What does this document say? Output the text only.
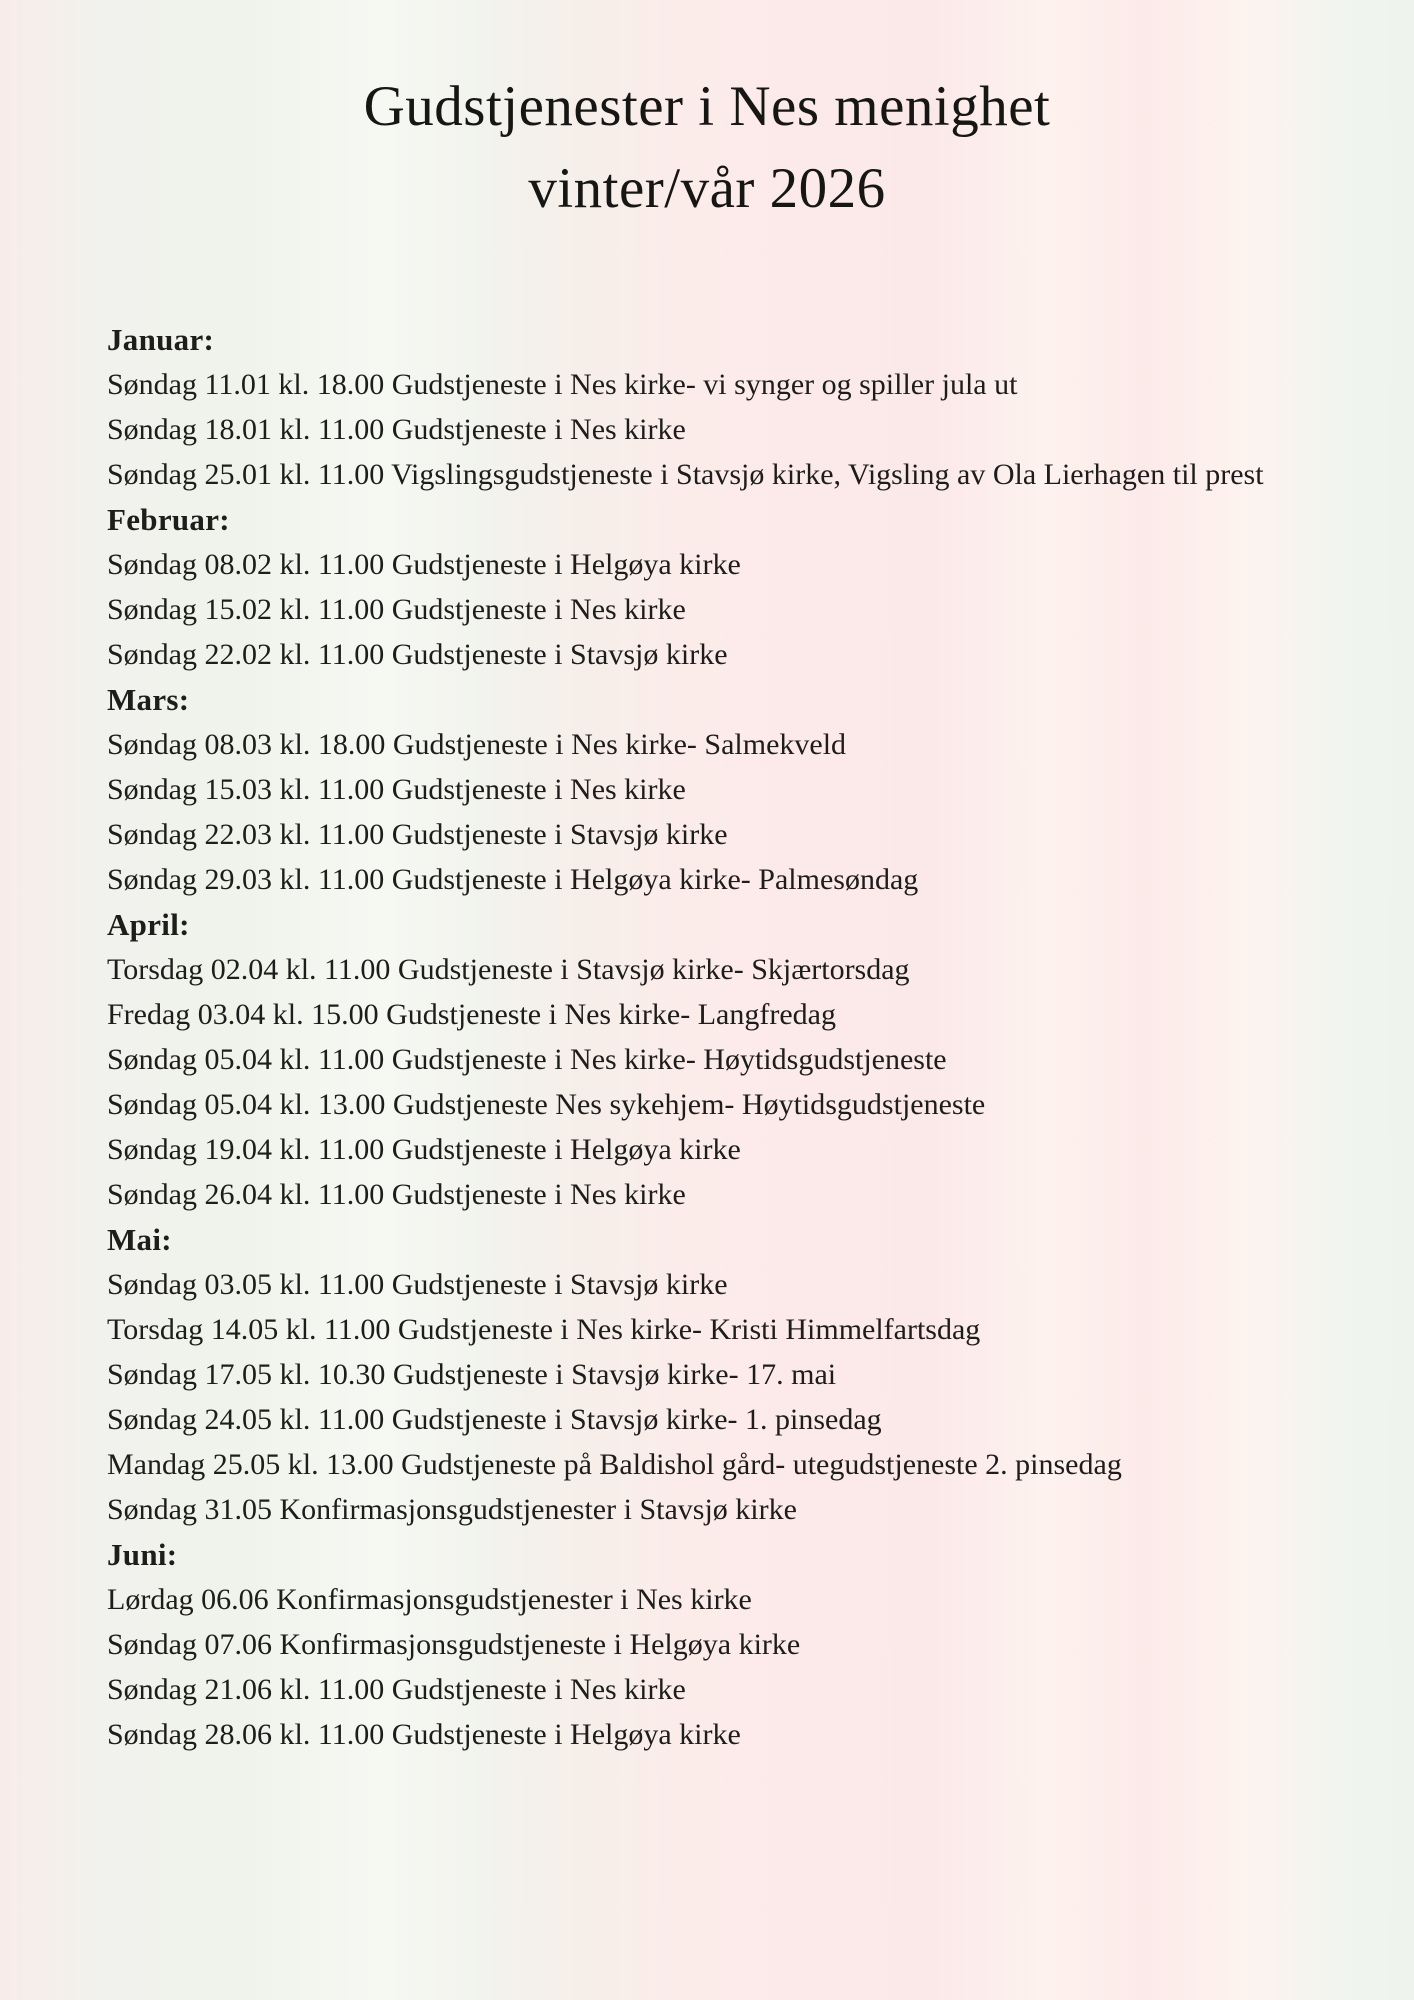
Gudstjenester i Nes menighet
vinter/vår 2026
Januar:
Søndag 11.01 kl. 18.00 Gudstjeneste i Nes kirke- vi synger og spiller jula ut
Søndag 18.01 kl. 11.00 Gudstjeneste i Nes kirke
Søndag 25.01 kl. 11.00 Vigslingsgudstjeneste i Stavsjø kirke, Vigsling av Ola Lierhagen til prest
Februar:
Søndag 08.02 kl. 11.00 Gudstjeneste i Helgøya kirke
Søndag 15.02 kl. 11.00 Gudstjeneste i Nes kirke
Søndag 22.02 kl. 11.00 Gudstjeneste i Stavsjø kirke
Mars:
Søndag 08.03 kl. 18.00 Gudstjeneste i Nes kirke- Salmekveld
Søndag 15.03 kl. 11.00 Gudstjeneste i Nes kirke
Søndag 22.03 kl. 11.00 Gudstjeneste i Stavsjø kirke
Søndag 29.03 kl. 11.00 Gudstjeneste i Helgøya kirke- Palmesøndag
April:
Torsdag 02.04 kl. 11.00 Gudstjeneste i Stavsjø kirke- Skjærtorsdag
Fredag 03.04 kl. 15.00 Gudstjeneste i Nes kirke- Langfredag
Søndag 05.04 kl. 11.00 Gudstjeneste i Nes kirke- Høytidsgudstjeneste
Søndag 05.04 kl. 13.00 Gudstjeneste Nes sykehjem- Høytidsgudstjeneste
Søndag 19.04 kl. 11.00 Gudstjeneste i Helgøya kirke
Søndag 26.04 kl. 11.00 Gudstjeneste i Nes kirke
Mai:
Søndag 03.05 kl. 11.00 Gudstjeneste i Stavsjø kirke
Torsdag 14.05 kl. 11.00 Gudstjeneste i Nes kirke- Kristi Himmelfartsdag
Søndag 17.05 kl. 10.30 Gudstjeneste i Stavsjø kirke- 17. mai
Søndag 24.05 kl. 11.00 Gudstjeneste i Stavsjø kirke- 1. pinsedag
Mandag 25.05 kl. 13.00 Gudstjeneste på Baldishol gård- utegudstjeneste 2. pinsedag
Søndag 31.05 Konfirmasjonsgudstjenester i Stavsjø kirke
Juni:
Lørdag 06.06 Konfirmasjonsgudstjenester i Nes kirke
Søndag 07.06 Konfirmasjonsgudstjeneste i Helgøya kirke
Søndag 21.06 kl. 11.00 Gudstjeneste i Nes kirke
Søndag 28.06 kl. 11.00 Gudstjeneste i Helgøya kirke
